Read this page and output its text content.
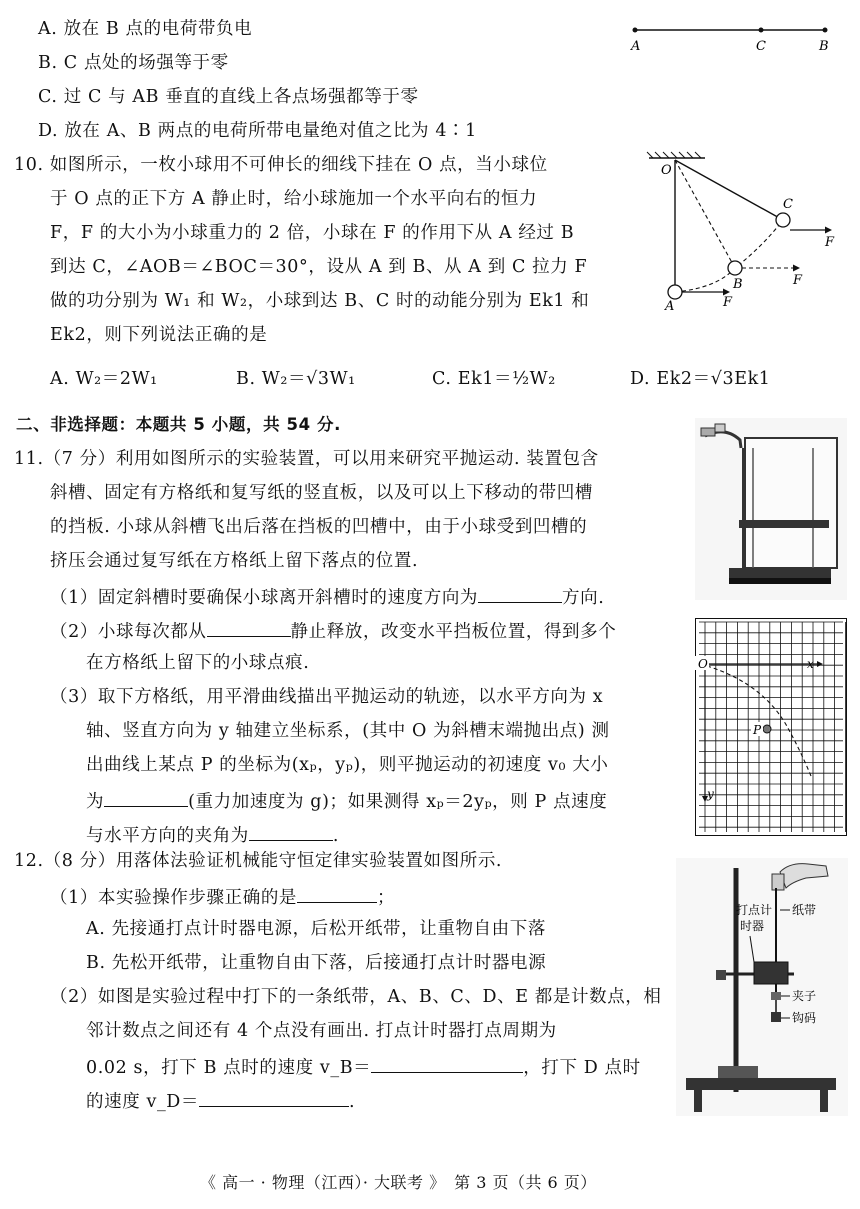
A. 放在 B 点的电荷带负电
B. C 点处的场强等于零
C. 过 C 与 AB 垂直的直线上各点场强都等于零
D. 放在 A、B 两点的电荷所带电量绝对值之比为 4∶1
A	C	B
10. 如图所示，一枚小球用不可伸长的细线下挂在 O 点，当小球位
于 O 点的正下方 A 静止时，给小球施加一个水平向右的恒力
F，F 的大小为小球重力的 2 倍，小球在 F 的作用下从 A 经过 B
到达 C，∠AOB＝∠BOC＝30°，设从 A 到 B、从 A 到 C 拉力 F
做的功分别为 W₁ 和 W₂，小球到达 B、C 时的动能分别为 Ek1 和
Ek2，则下列说法正确的是
A. W₂＝2W₁	B. W₂＝√3W₁	C. Ek1＝½W₂	D. Ek2＝√3Ek1
O
C
B
A	F
F
F
二、非选择题：本题共 5 小题，共 54 分.
11.（7 分）利用如图所示的实验装置，可以用来研究平抛运动. 装置包含
斜槽、固定有方格纸和复写纸的竖直板，以及可以上下移动的带凹槽
的挡板. 小球从斜槽飞出后落在挡板的凹槽中，由于小球受到凹槽的
挤压会通过复写纸在方格纸上留下落点的位置.
（1）固定斜槽时要确保小球离开斜槽时的速度方向为	方向.
（2）小球每次都从	静止释放，改变水平挡板位置，得到多个
在方格纸上留下的小球点痕.
（3）取下方格纸，用平滑曲线描出平抛运动的轨迹，以水平方向为 x
轴、竖直方向为 y 轴建立坐标系，(其中 O 为斜槽末端抛出点) 测
出曲线上某点 P 的坐标为(xₚ，yₚ)，则平抛运动的初速度 v₀ 大小
为	(重力加速度为 g)；如果测得 xₚ＝2yₚ，则 P 点速度
与水平方向的夹角为	.
O	x
y
P
12.（8 分）用落体法验证机械能守恒定律实验装置如图所示.
（1）本实验操作步骤正确的是	；
A. 先接通打点计时器电源，后松开纸带，让重物自由下落
B. 先松开纸带，让重物自由下落，后接通打点计时器电源
（2）如图是实验过程中打下的一条纸带，A、B、C、D、E 都是计数点，相
邻计数点之间还有 4 个点没有画出. 打点计时器打点周期为
0.02 s，打下 B 点时的速度 v_B＝	，打下 D 点时
的速度 v_D＝	.
打点计
时器
纸带
夹子
钩码
《 高一 · 物理（江西）· 大联考 》　第 3 页（共 6 页）
